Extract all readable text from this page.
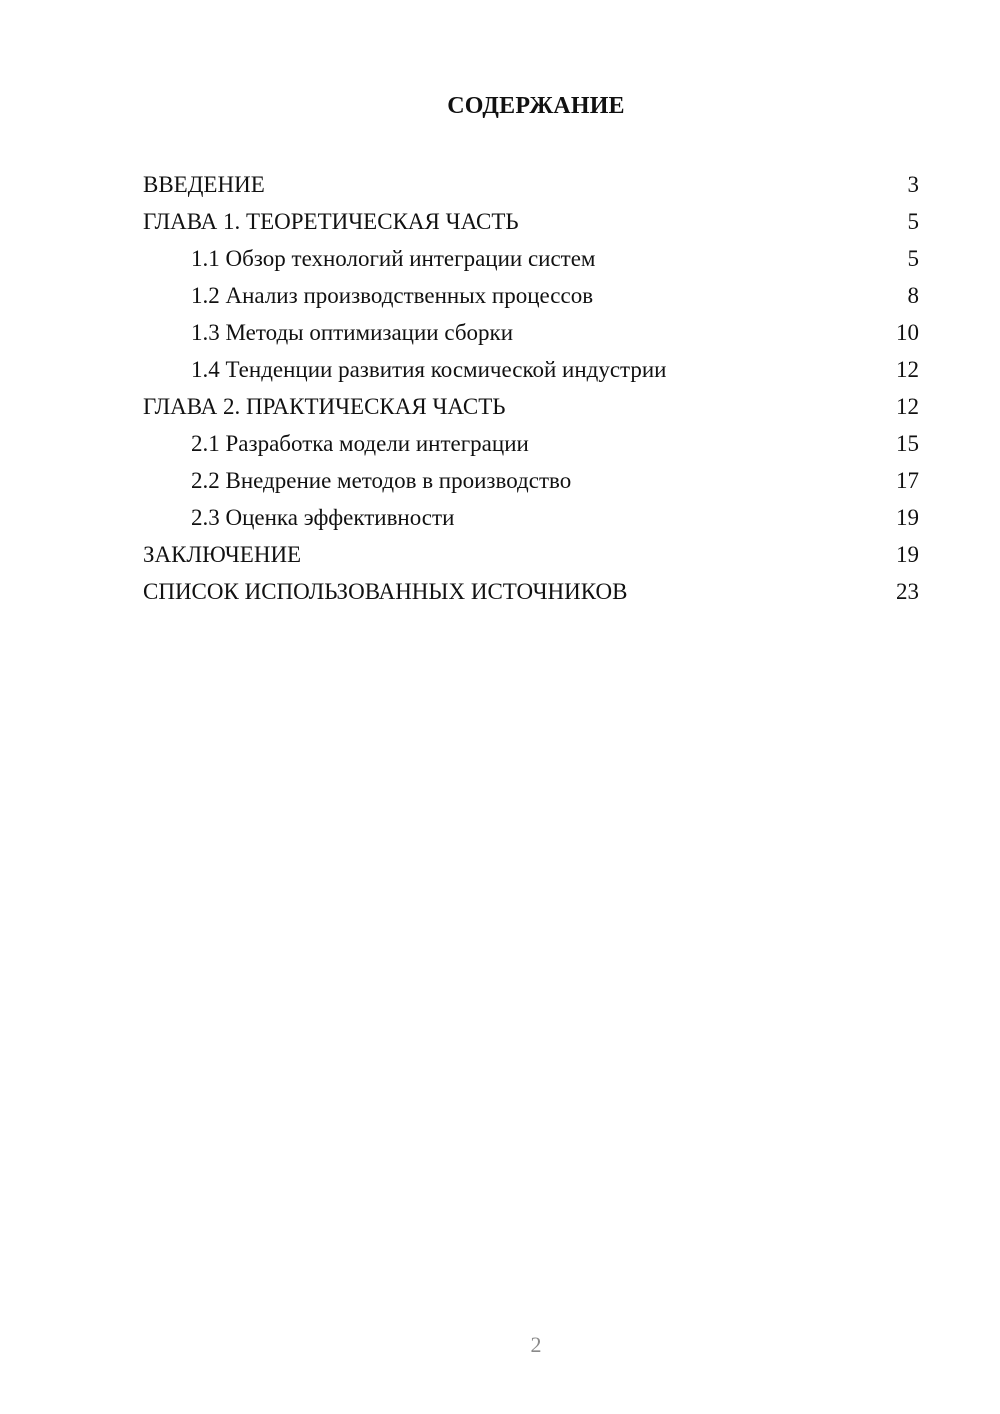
СОДЕРЖАНИЕ
ВВЕДЕНИЕ	3
ГЛАВА 1. ТЕОРЕТИЧЕСКАЯ ЧАСТЬ	5
1.1 Обзор технологий интеграции систем	5
1.2 Анализ производственных процессов	8
1.3 Методы оптимизации сборки	10
1.4 Тенденции развития космической индустрии	12
ГЛАВА 2. ПРАКТИЧЕСКАЯ ЧАСТЬ	12
2.1 Разработка модели интеграции	15
2.2 Внедрение методов в производство	17
2.3 Оценка эффективности	19
ЗАКЛЮЧЕНИЕ	19
СПИСОК ИСПОЛЬЗОВАННЫХ ИСТОЧНИКОВ	23
2
